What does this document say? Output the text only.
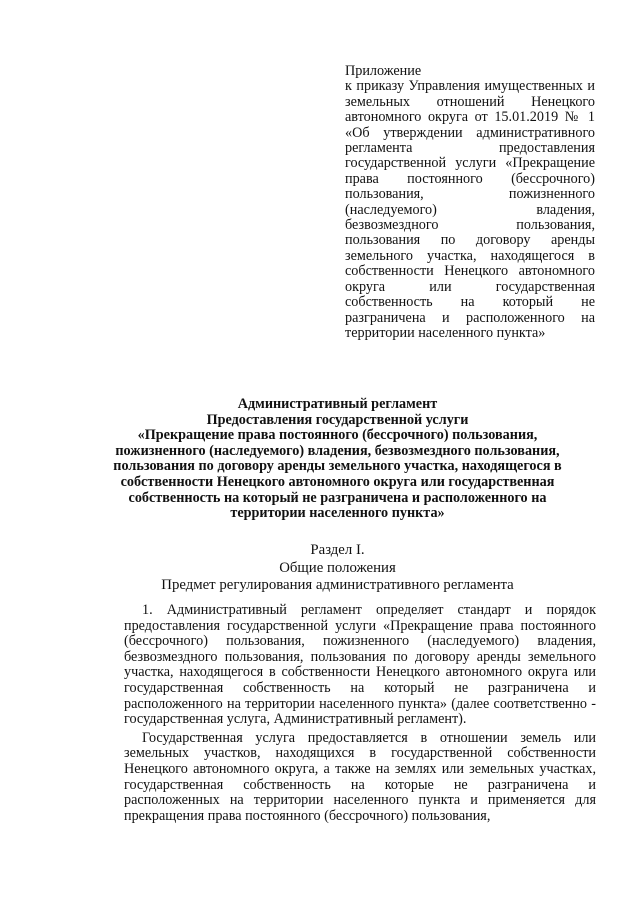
Приложение
к приказу Управления имущественных и земельных отношений Ненецкого автономного округа от 15.01.2019 № 1 «Об утверждении административного регламента предоставления государственной услуги «Прекращение права постоянного (бессрочного) пользования, пожизненного (наследуемого) владения, безвозмездного пользования, пользования по договору аренды земельного участка, находящегося в собственности Ненецкого автономного округа или государственная собственность на который не разграничена и расположенного на территории населенного пункта»
Административный регламент
Предоставления государственной услуги
«Прекращение права постоянного (бессрочного) пользования,
пожизненного (наследуемого) владения, безвозмездного пользования,
пользования по договору аренды земельного участка, находящегося в
собственности Ненецкого автономного округа или государственная
собственность на который не разграничена и расположенного на
территории населенного пункта»
Раздел I.
Общие положения
Предмет регулирования административного регламента

1. Административный регламент определяет стандарт и порядок предоставления государственной услуги «Прекращение права постоянного (бессрочного) пользования, пожизненного (наследуемого) владения, безвозмездного пользования, пользования по договору аренды земельного участка, находящегося в собственности Ненецкого автономного округа или государственная собственность на который не разграничена и расположенного на территории населенного пункта» (далее соответственно - государственная услуга, Административный регламент).

Государственная услуга предоставляется в отношении земель или земельных участков, находящихся в государственной собственности Ненецкого автономного округа, а также на землях или земельных участках, государственная собственность на которые не разграничена и расположенных на территории населенного пункта и применяется для прекращения права постоянного (бессрочного) пользования,
